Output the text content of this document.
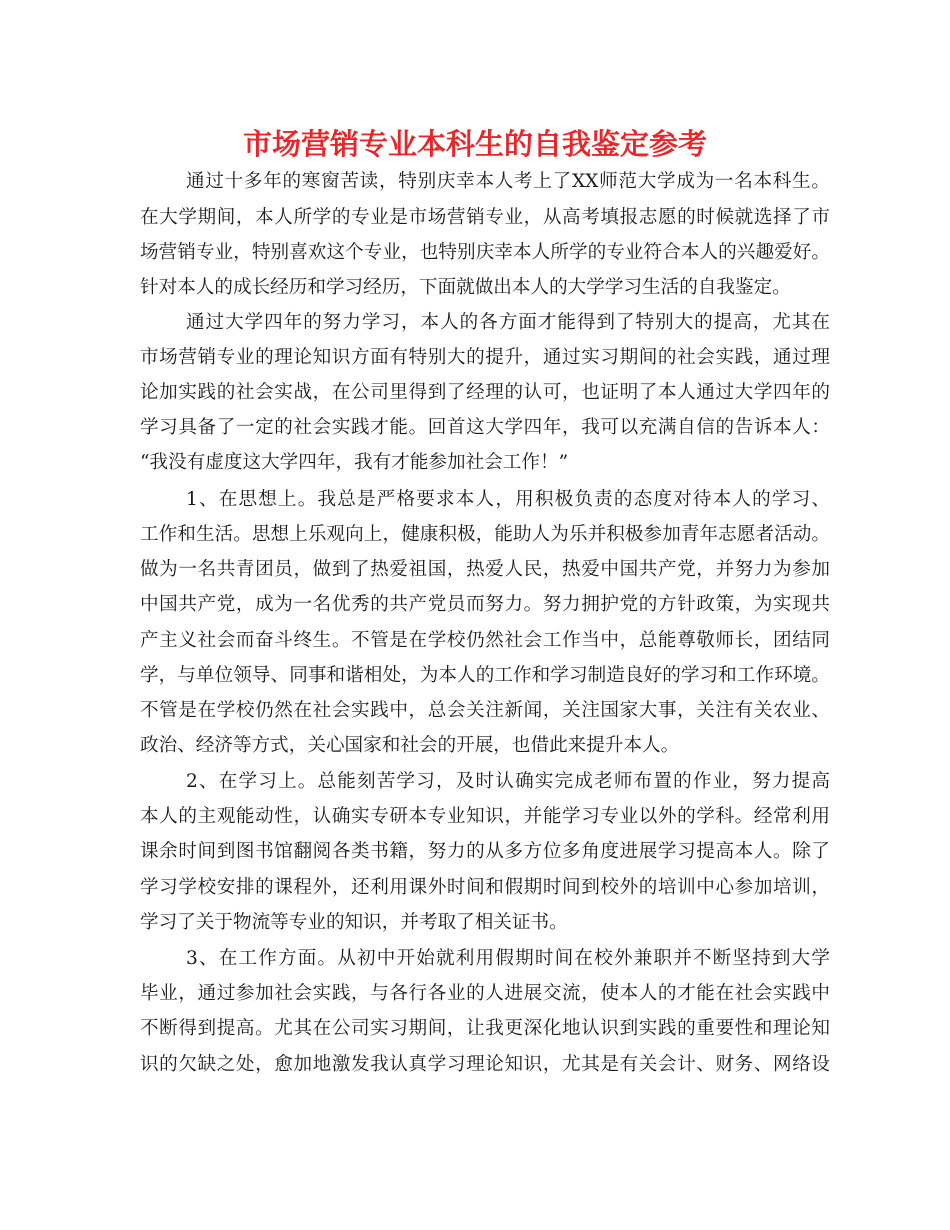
市场营销专业本科生的自我鉴定参考

通过十多年的寒窗苦读，特别庆幸本人考上了XX师范大学成为一名本科生。

在大学期间，本人所学的专业是市场营销专业，从高考填报志愿的时候就选择了市

场营销专业，特别喜欢这个专业，也特别庆幸本人所学的专业符合本人的兴趣爱好。

针对本人的成长经历和学习经历，下面就做出本人的大学学习生活的自我鉴定。

通过大学四年的努力学习，本人的各方面才能得到了特别大的提高，尤其在

市场营销专业的理论知识方面有特别大的提升，通过实习期间的社会实践，通过理

论加实践的社会实战，在公司里得到了经理的认可，也证明了本人通过大学四年的

学习具备了一定的社会实践才能。回首这大学四年，我可以充满自信的告诉本人：

“我没有虚度这大学四年，我有才能参加社会工作！”

1、在思想上。我总是严格要求本人，用积极负责的态度对待本人的学习、

工作和生活。思想上乐观向上，健康积极，能助人为乐并积极参加青年志愿者活动。

做为一名共青团员，做到了热爱祖国，热爱人民，热爱中国共产党，并努力为参加

中国共产党，成为一名优秀的共产党员而努力。努力拥护党的方针政策，为实现共

产主义社会而奋斗终生。不管是在学校仍然社会工作当中，总能尊敬师长，团结同

学，与单位领导、同事和谐相处，为本人的工作和学习制造良好的学习和工作环境。

不管是在学校仍然在社会实践中，总会关注新闻，关注国家大事，关注有关农业、

政治、经济等方式，关心国家和社会的开展，也借此来提升本人。

2、在学习上。总能刻苦学习，及时认确实完成老师布置的作业，努力提高

本人的主观能动性，认确实专研本专业知识，并能学习专业以外的学科。经常利用

课余时间到图书馆翻阅各类书籍，努力的从多方位多角度进展学习提高本人。除了

学习学校安排的课程外，还利用课外时间和假期时间到校外的培训中心参加培训，

学习了关于物流等专业的知识，并考取了相关证书。

3、在工作方面。从初中开始就利用假期时间在校外兼职并不断坚持到大学

毕业，通过参加社会实践，与各行各业的人进展交流，使本人的才能在社会实践中

不断得到提高。尤其在公司实习期间，让我更深化地认识到实践的重要性和理论知

识的欠缺之处，愈加地激发我认真学习理论知识，尤其是有关会计、财务、网络设
